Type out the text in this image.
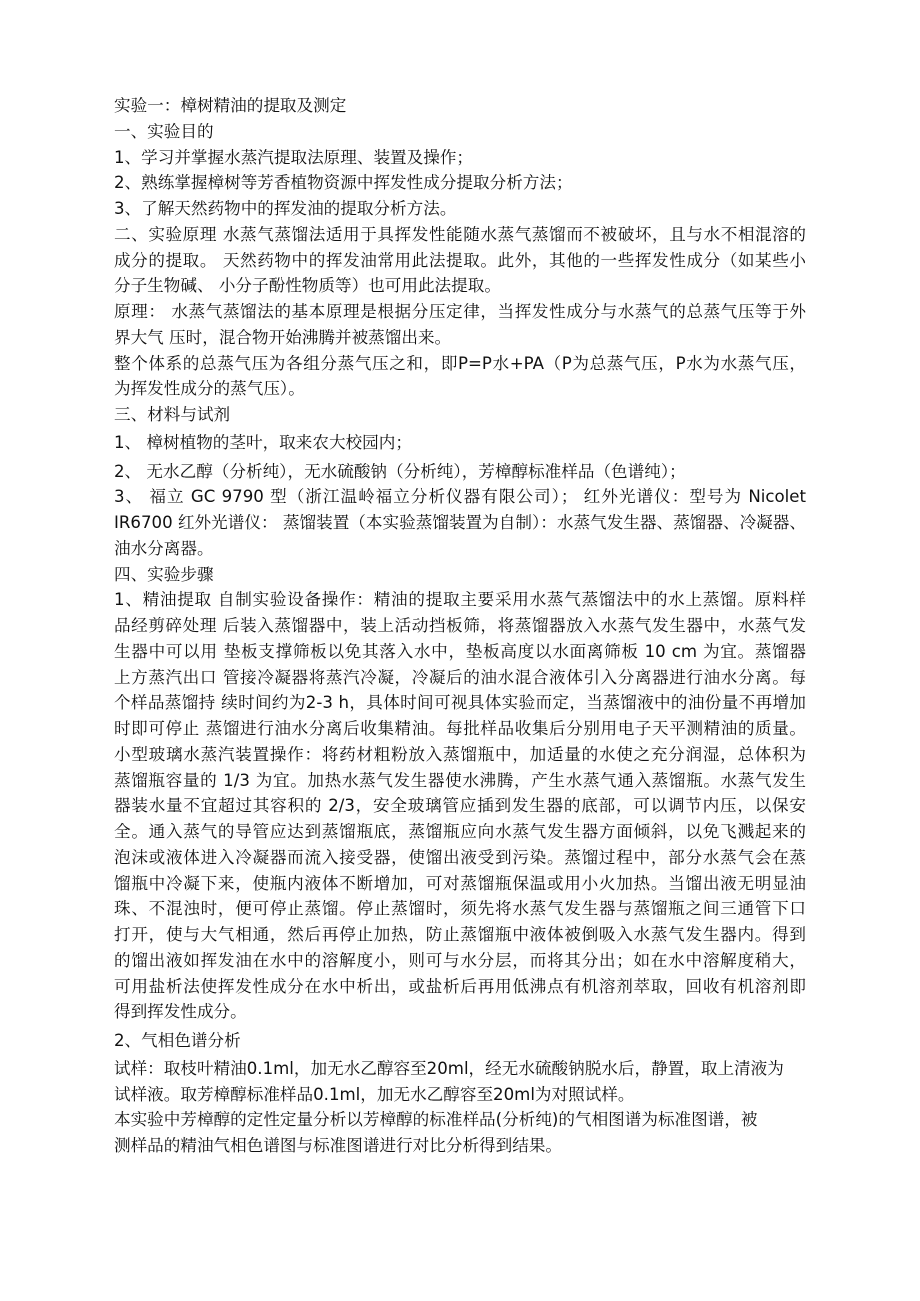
实验一：樟树精油的提取及测定
一、实验目的
1、学习并掌握水蒸汽提取法原理、装置及操作；
2、熟练掌握樟树等芳香植物资源中挥发性成分提取分析方法；
3、了解天然药物中的挥发油的提取分析方法。
二、实验原理 水蒸气蒸馏法适用于具挥发性能随水蒸气蒸馏而不被破坏，且与水不相混溶的
成分的提取。 天然药物中的挥发油常用此法提取。此外，其他的一些挥发性成分（如某些小
分子生物碱、 小分子酚性物质等）也可用此法提取。
原理： 水蒸气蒸馏法的基本原理是根据分压定律，当挥发性成分与水蒸气的总蒸气压等于外
界大气 压时，混合物开始沸腾并被蒸馏出来。
整个体系的总蒸气压为各组分蒸气压之和，即P=P水+PA（P为总蒸气压，P水为水蒸气压，
为挥发性成分的蒸气压）。
三、材料与试剂
1、 樟树植物的茎叶，取来农大校园内；
2、 无水乙醇（分析纯），无水硫酸钠（分析纯），芳樟醇标准样品（色谱纯）；
3、 福立 GC 9790 型（浙江温岭福立分析仪器有限公司）； 红外光谱仪：型号为 Nicolet
IR6700 红外光谱仪： 蒸馏装置（本实验蒸馏装置为自制）：水蒸气发生器、蒸馏器、冷凝器、
油水分离器。
四、实验步骤
1、精油提取 自制实验设备操作：精油的提取主要采用水蒸气蒸馏法中的水上蒸馏。原料样
品经剪碎处理 后装入蒸馏器中，装上活动挡板筛，将蒸馏器放入水蒸气发生器中，水蒸气发
生器中可以用 垫板支撑筛板以免其落入水中，垫板高度以水面离筛板 10 cm 为宜。蒸馏器
上方蒸汽出口 管接冷凝器将蒸汽冷凝，冷凝后的油水混合液体引入分离器进行油水分离。每
个样品蒸馏持 续时间约为2-3 h，具体时间可视具体实验而定，当蒸馏液中的油份量不再增加
时即可停止 蒸馏进行油水分离后收集精油。每批样品收集后分别用电子天平测精油的质量。
小型玻璃水蒸汽装置操作：将药材粗粉放入蒸馏瓶中，加适量的水使之充分润湿，总体积为
蒸馏瓶容量的 1/3 为宜。加热水蒸气发生器使水沸腾，产生水蒸气通入蒸馏瓶。水蒸气发生
器装水量不宜超过其容积的 2/3，安全玻璃管应插到发生器的底部，可以调节内压，以保安
全。通入蒸气的导管应达到蒸馏瓶底，蒸馏瓶应向水蒸气发生器方面倾斜，以免飞溅起来的
泡沫或液体进入冷凝器而流入接受器，使馏出液受到污染。蒸馏过程中，部分水蒸气会在蒸
馏瓶中冷凝下来，使瓶内液体不断增加，可对蒸馏瓶保温或用小火加热。当馏出液无明显油
珠、不混浊时，便可停止蒸馏。停止蒸馏时，须先将水蒸气发生器与蒸馏瓶之间三通管下口
打开，使与大气相通，然后再停止加热，防止蒸馏瓶中液体被倒吸入水蒸气发生器内。得到
的馏出液如挥发油在水中的溶解度小，则可与水分层，而将其分出；如在水中溶解度稍大，
可用盐析法使挥发性成分在水中析出，或盐析后再用低沸点有机溶剂萃取，回收有机溶剂即
得到挥发性成分。
2、气相色谱分析
试样：取枝叶精油0.1ml，加无水乙醇容至20ml，经无水硫酸钠脱水后，静置，取上清液为
试样液。取芳樟醇标准样品0.1ml，加无水乙醇容至20ml为对照试样。
本实验中芳樟醇的定性定量分析以芳樟醇的标准样品(分析纯)的气相图谱为标准图谱，被
测样品的精油气相色谱图与标准图谱进行对比分析得到结果。
